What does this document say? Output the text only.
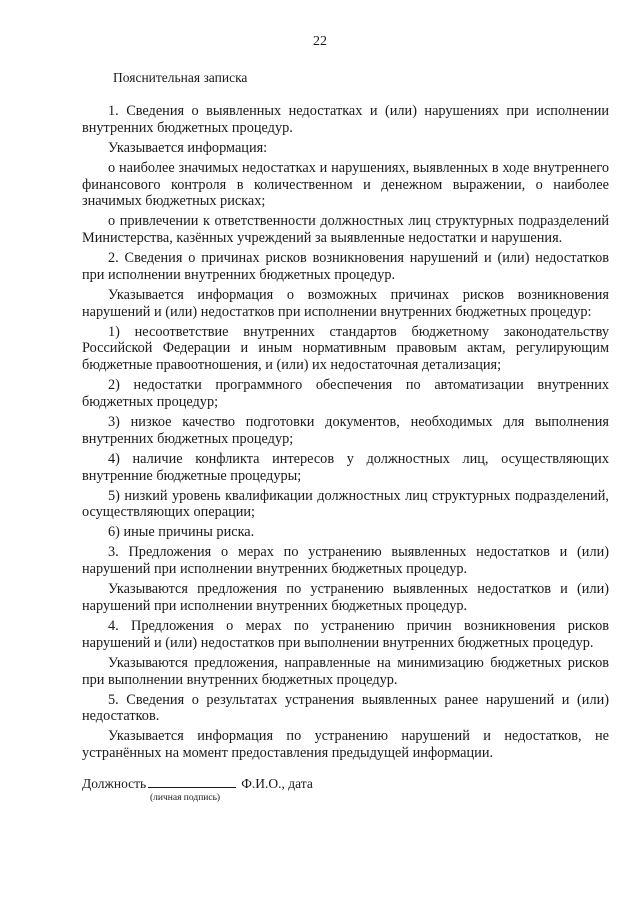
22
Пояснительная записка

1. Сведения о выявленных недостатках и (или) нарушениях при исполнении внутренних бюджетных процедур.

Указывается информация:

о наиболее значимых недостатках и нарушениях, выявленных в ходе внутреннего финансового контроля в количественном и денежном выражении, о наиболее значимых бюджетных рисках;

о привлечении к ответственности должностных лиц структурных подразделений Министерства, казённых учреждений за выявленные недостатки и нарушения.

2. Сведения о причинах рисков возникновения нарушений и (или) недостатков при исполнении внутренних бюджетных процедур.

Указывается информация о возможных причинах рисков возникновения нарушений и (или) недостатков при исполнении внутренних бюджетных процедур:

1) несоответствие внутренних стандартов бюджетному законодательству Российской Федерации и иным нормативным правовым актам, регулирующим бюджетные правоотношения, и (или) их недостаточная детализация;

2) недостатки программного обеспечения по автоматизации внутренних бюджетных процедур;

3) низкое качество подготовки документов, необходимых для выполнения внутренних бюджетных процедур;

4) наличие конфликта интересов у должностных лиц, осуществляющих внутренние бюджетные процедуры;

5) низкий уровень квалификации должностных лиц структурных подразделений, осуществляющих операции;

6) иные причины риска.

3. Предложения о мерах по устранению выявленных недостатков и (или) нарушений при исполнении внутренних бюджетных процедур.

Указываются предложения по устранению выявленных недостатков и (или) нарушений при исполнении внутренних бюджетных процедур.

4. Предложения о мерах по устранению причин возникновения рисков нарушений и (или) недостатков при выполнении внутренних бюджетных процедур.

Указываются предложения, направленные на минимизацию бюджетных рисков при выполнении внутренних бюджетных процедур.

5. Сведения о результатах устранения выявленных ранее нарушений и (или) недостатков.

Указывается информация по устранению нарушений и недостатков, не устранённых на момент предоставления предыдущей информации.

Должность	Ф.И.О., дата
(личная подпись)
